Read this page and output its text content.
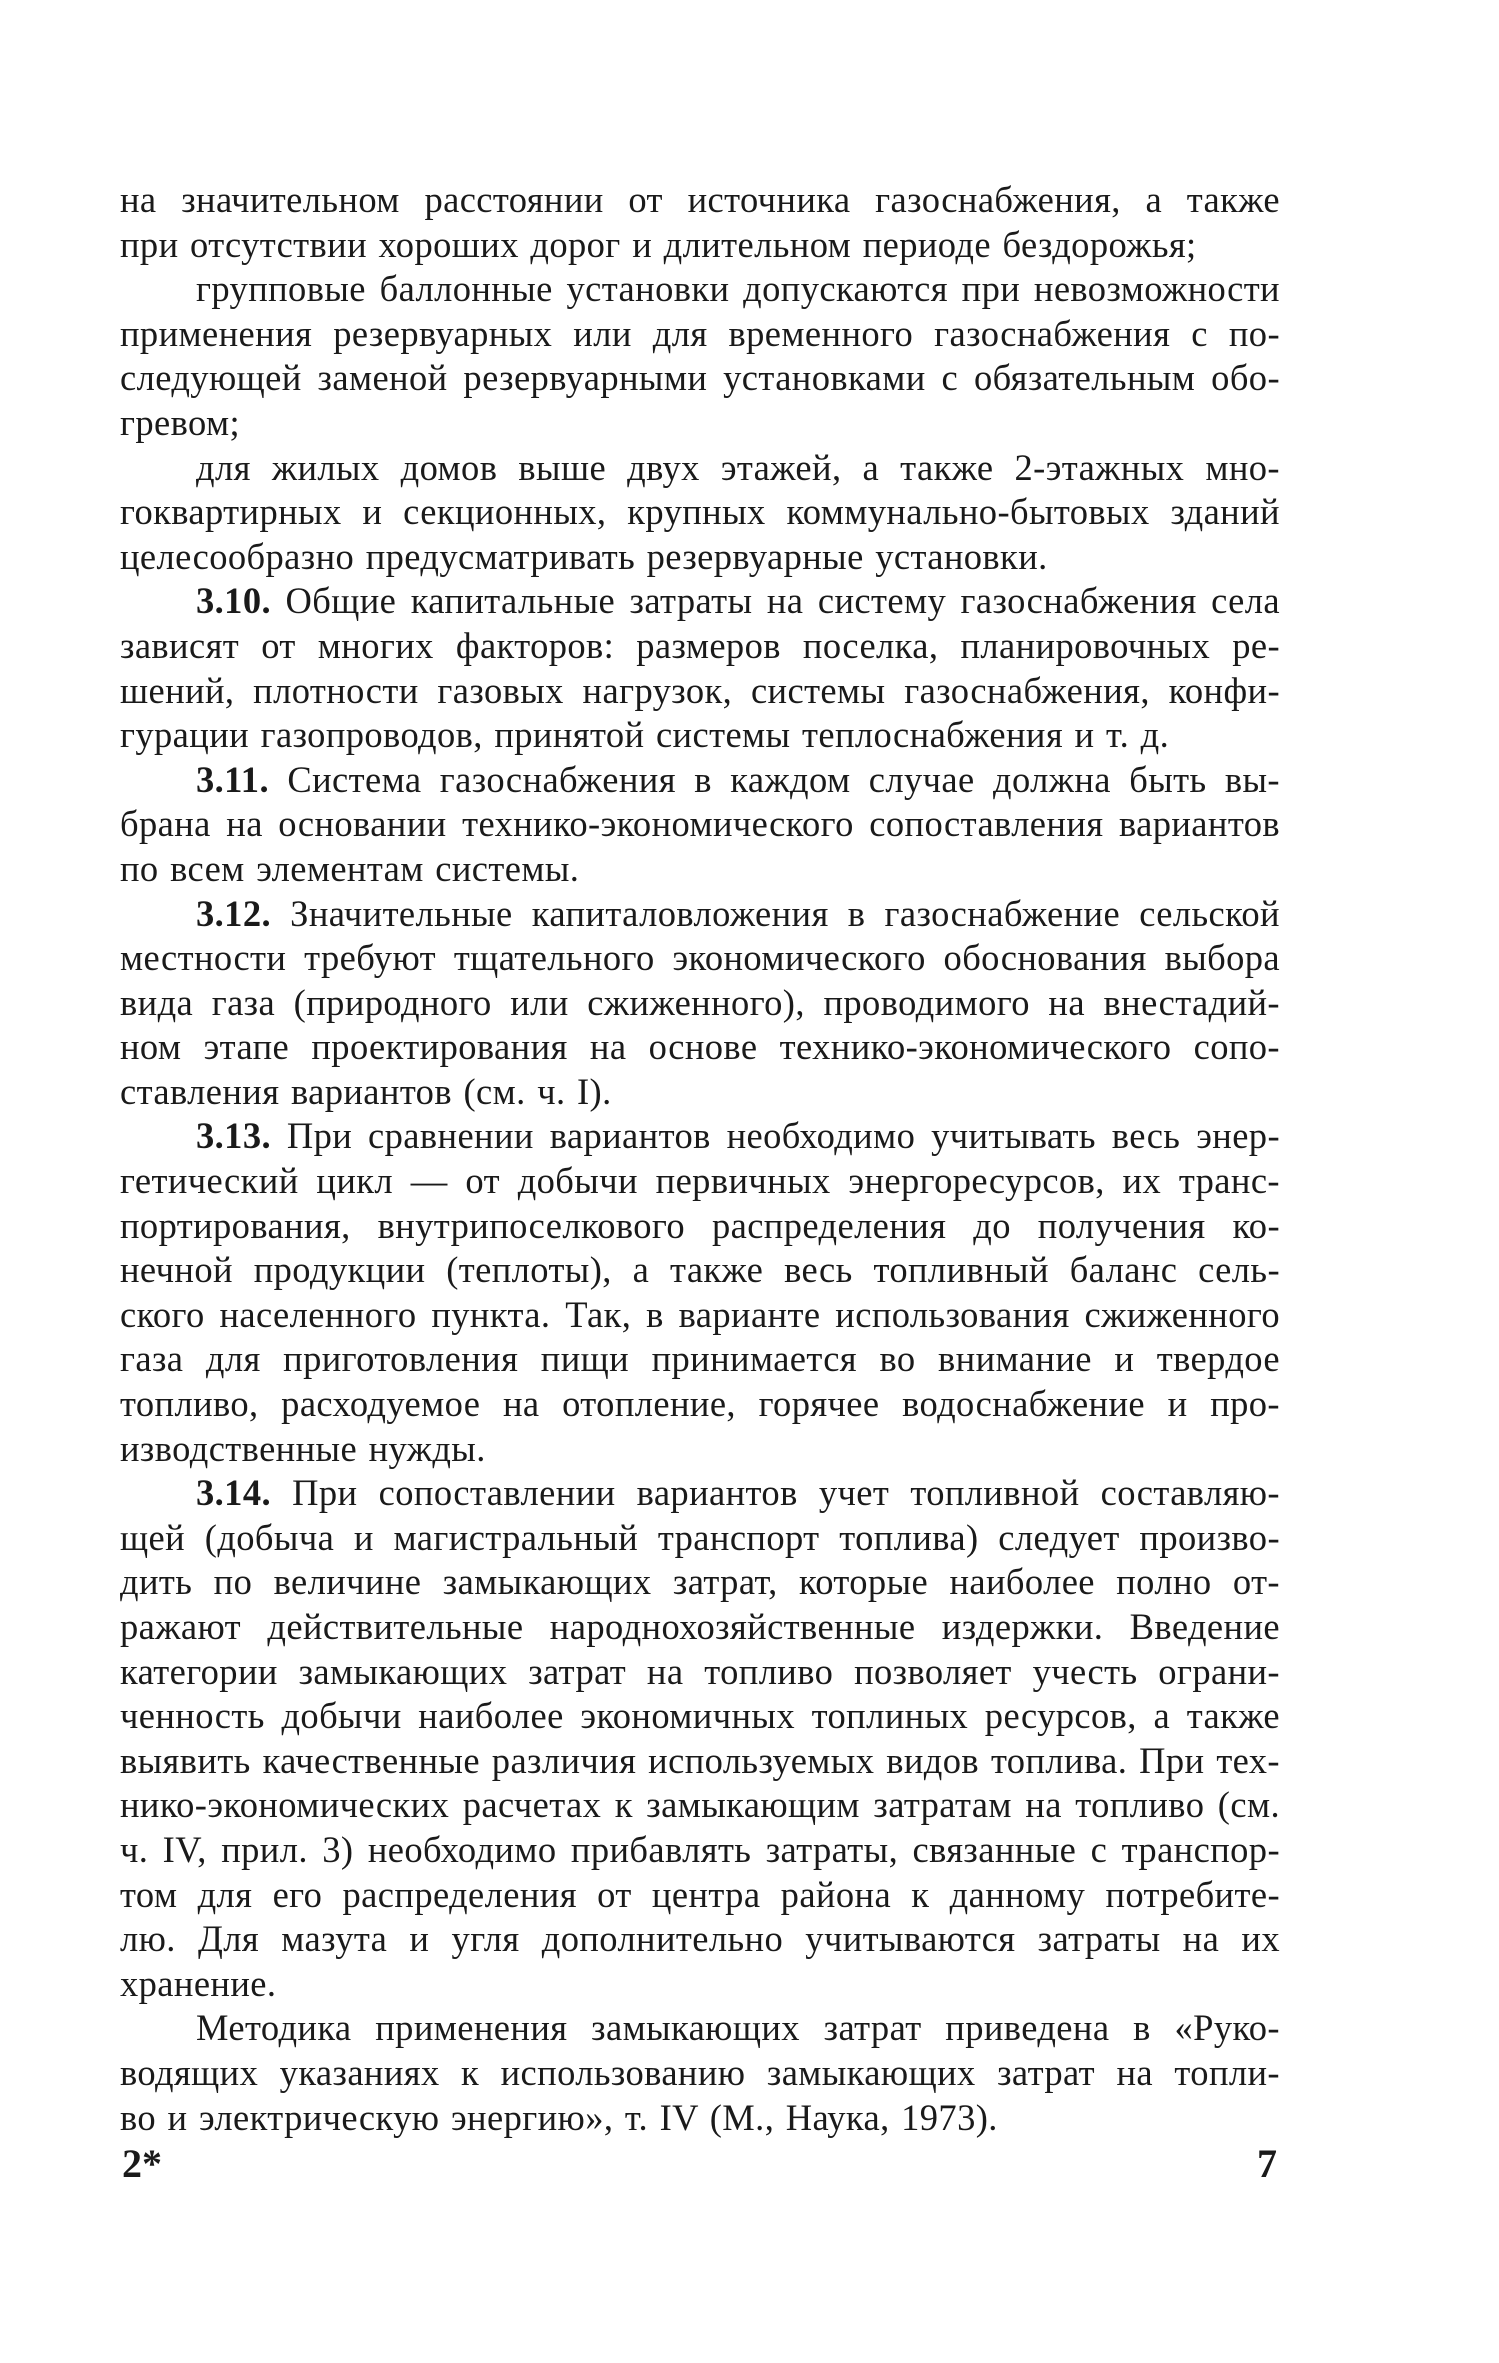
на значительном расстоянии от источника газоснабжения, а также
при отсутствии хороших дорог и длительном периоде бездорожья;
групповые баллонные установки допускаются при невозможности
применения резервуарных или для временного газоснабжения с по-
следующей заменой резервуарными установками с обязательным обо-
гревом;
для жилых домов выше двух этажей, а также 2-этажных мно-
гоквартирных и секционных, крупных коммунально-бытовых зданий
целесообразно предусматривать резервуарные установки.
3.10. Общие капитальные затраты на систему газоснабжения села
зависят от многих факторов: размеров поселка, планировочных ре-
шений, плотности газовых нагрузок, системы газоснабжения, конфи-
гурации газопроводов, принятой системы теплоснабжения и т. д.
3.11. Система газоснабжения в каждом случае должна быть вы-
брана на основании технико-экономического сопоставления вариантов
по всем элементам системы.
3.12. Значительные капиталовложения в газоснабжение сельской
местности требуют тщательного экономического обоснования выбора
вида газа (природного или сжиженного), проводимого на внестадий-
ном этапе проектирования на основе технико-экономического сопо-
ставления вариантов (см. ч. I).
3.13. При сравнении вариантов необходимо учитывать весь энер-
гетический цикл — от добычи первичных энергоресурсов, их транс-
портирования, внутрипоселкового распределения до получения ко-
нечной продукции (теплоты), а также весь топливный баланс сель-
ского населенного пункта. Так, в варианте использования сжиженного
газа для приготовления пищи принимается во внимание и твердое
топливо, расходуемое на отопление, горячее водоснабжение и про-
изводственные нужды.
3.14. При сопоставлении вариантов учет топливной составляю-
щей (добыча и магистральный транспорт топлива) следует произво-
дить по величине замыкающих затрат, которые наиболее полно от-
ражают действительные народнохозяйственные издержки. Введение
категории замыкающих затрат на топливо позволяет учесть ограни-
ченность добычи наиболее экономичных топлиных ресурсов, а также
выявить качественные различия используемых видов топлива. При тех-
нико-экономических расчетах к замыкающим затратам на топливо (см.
ч. IV, прил. 3) необходимо прибавлять затраты, связанные с транспор-
том для его распределения от центра района к данному потребите-
лю. Для мазута и угля дополнительно учитываются затраты на их
хранение.
Методика применения замыкающих затрат приведена в «Руко-
водящих указаниях к использованию замыкающих затрат на топли-
во и электрическую энергию», т. IV (М., Наука, 1973).
2*	7
